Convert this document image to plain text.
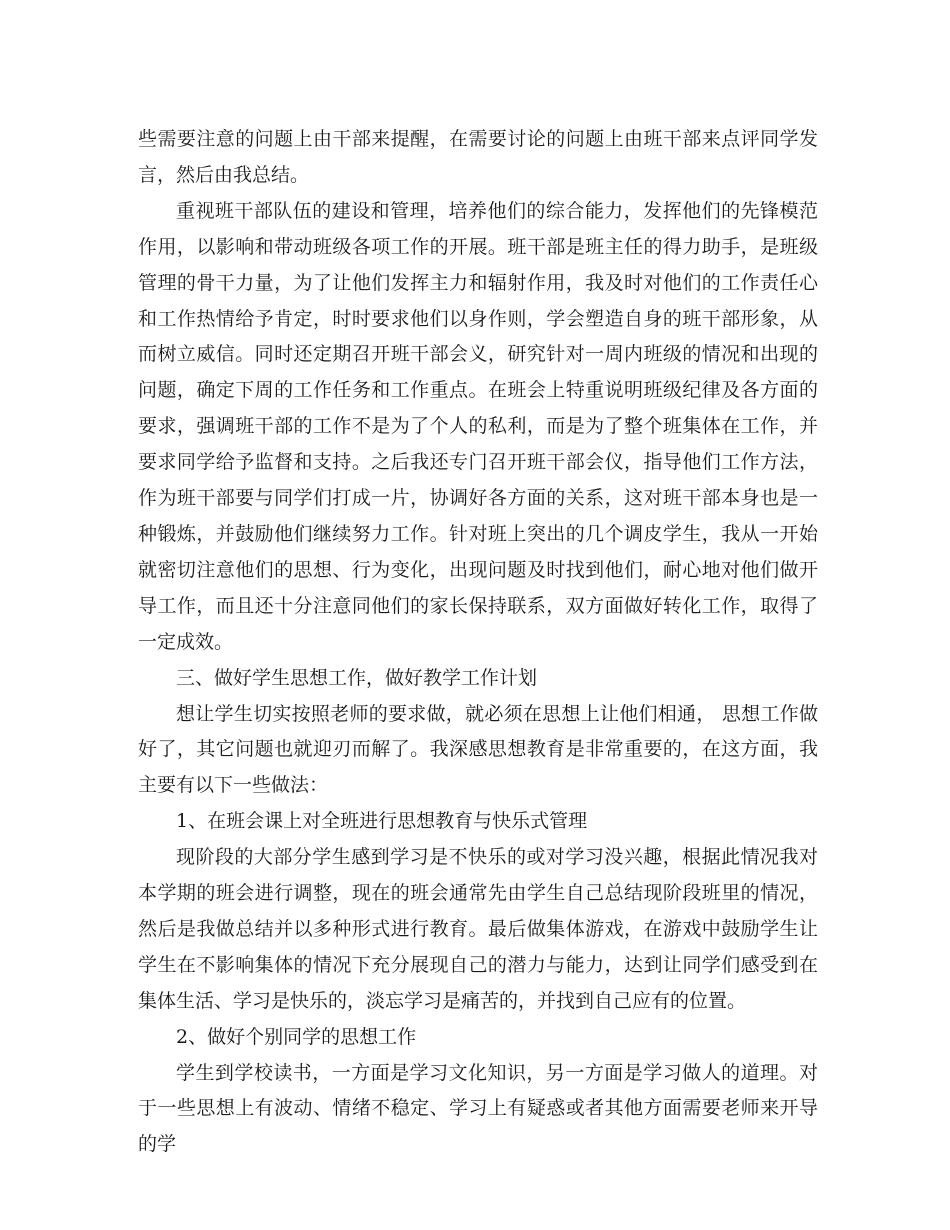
些需要注意的问题上由干部来提醒，在需要讨论的问题上由班干部来点评同学发言，然后由我总结。

重视班干部队伍的建设和管理，培养他们的综合能力，发挥他们的先锋模范作用，以影响和带动班级各项工作的开展。班干部是班主任的得力助手，是班级管理的骨干力量，为了让他们发挥主力和辐射作用，我及时对他们的工作责任心和工作热情给予肯定，时时要求他们以身作则，学会塑造自身的班干部形象，从而树立威信。同时还定期召开班干部会义，研究针对一周内班级的情况和出现的问题，确定下周的工作任务和工作重点。在班会上特重说明班级纪律及各方面的要求，强调班干部的工作不是为了个人的私利，而是为了整个班集体在工作，并要求同学给予监督和支持。之后我还专门召开班干部会仪，指导他们工作方法，作为班干部要与同学们打成一片，协调好各方面的关系，这对班干部本身也是一种锻炼，并鼓励他们继续努力工作。针对班上突出的几个调皮学生，我从一开始就密切注意他们的思想、行为变化，出现问题及时找到他们，耐心地对他们做开导工作，而且还十分注意同他们的家长保持联系，双方面做好转化工作，取得了一定成效。

三、做好学生思想工作，做好教学工作计划

想让学生切实按照老师的要求做，就必须在思想上让他们相通， 思想工作做好了，其它问题也就迎刃而解了。我深感思想教育是非常重要的，在这方面，我主要有以下一些做法：

1、在班会课上对全班进行思想教育与快乐式管理

现阶段的大部分学生感到学习是不快乐的或对学习没兴趣，根据此情况我对本学期的班会进行调整，现在的班会通常先由学生自己总结现阶段班里的情况，然后是我做总结并以多种形式进行教育。最后做集体游戏，在游戏中鼓励学生让学生在不影响集体的情况下充分展现自己的潜力与能力，达到让同学们感受到在集体生活、学习是快乐的，淡忘学习是痛苦的，并找到自己应有的位置。

2、做好个别同学的思想工作

学生到学校读书，一方面是学习文化知识，另一方面是学习做人的道理。对于一些思想上有波动、情绪不稳定、学习上有疑惑或者其他方面需要老师来开导的学
